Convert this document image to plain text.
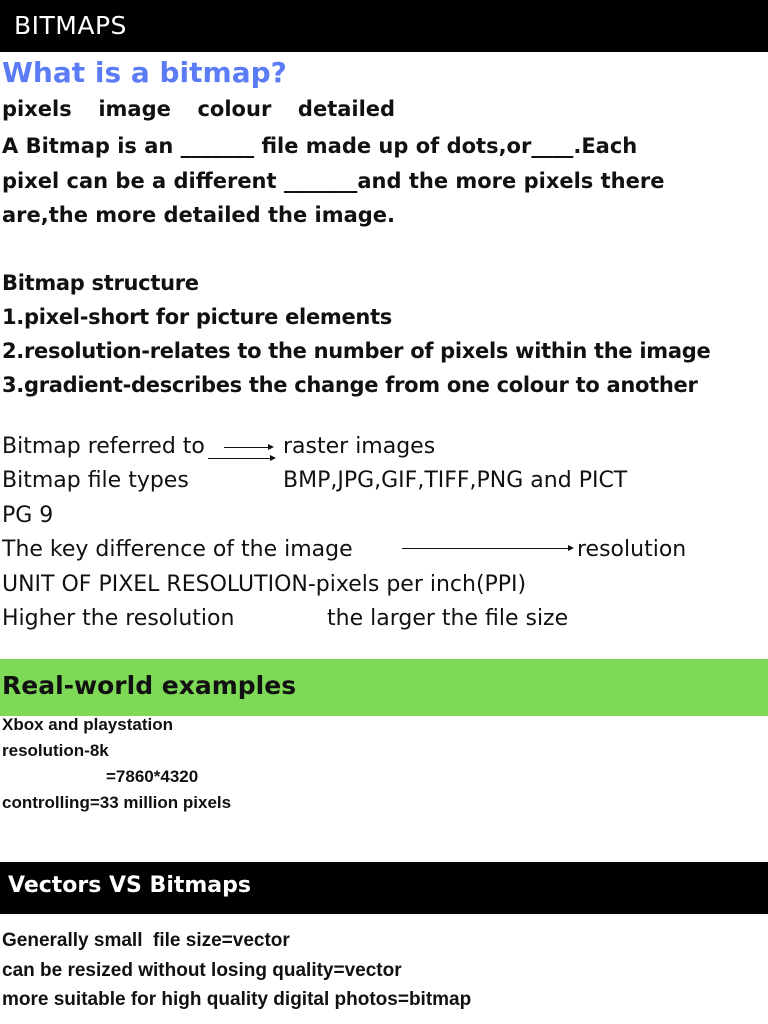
BITMAPS
What is a bitmap?
pixels  image  colour  detailed
A Bitmap is an _______ file made up of dots,or____.Each
pixel can be a different _______and the more pixels there
are,the more detailed the image.
Bitmap structure
1.pixel-short for picture elements
2.resolution-relates to the number of pixels within the image
3.gradient-describes the change from one colour to another
Bitmap referred to	raster images
Bitmap file types	BMP,JPG,GIF,TIFF,PNG and PICT
PG 9
The key difference of the image	resolution
UNIT OF PIXEL RESOLUTION-pixels per inch(PPI)
Higher the resolution	the larger the file size
Real-world examples
Xbox and playstation
resolution-8k
=7860*4320
controlling=33 million pixels
Vectors VS Bitmaps
Generally small  file size=vector
can be resized without losing quality=vector
more suitable for high quality digital photos=bitmap
